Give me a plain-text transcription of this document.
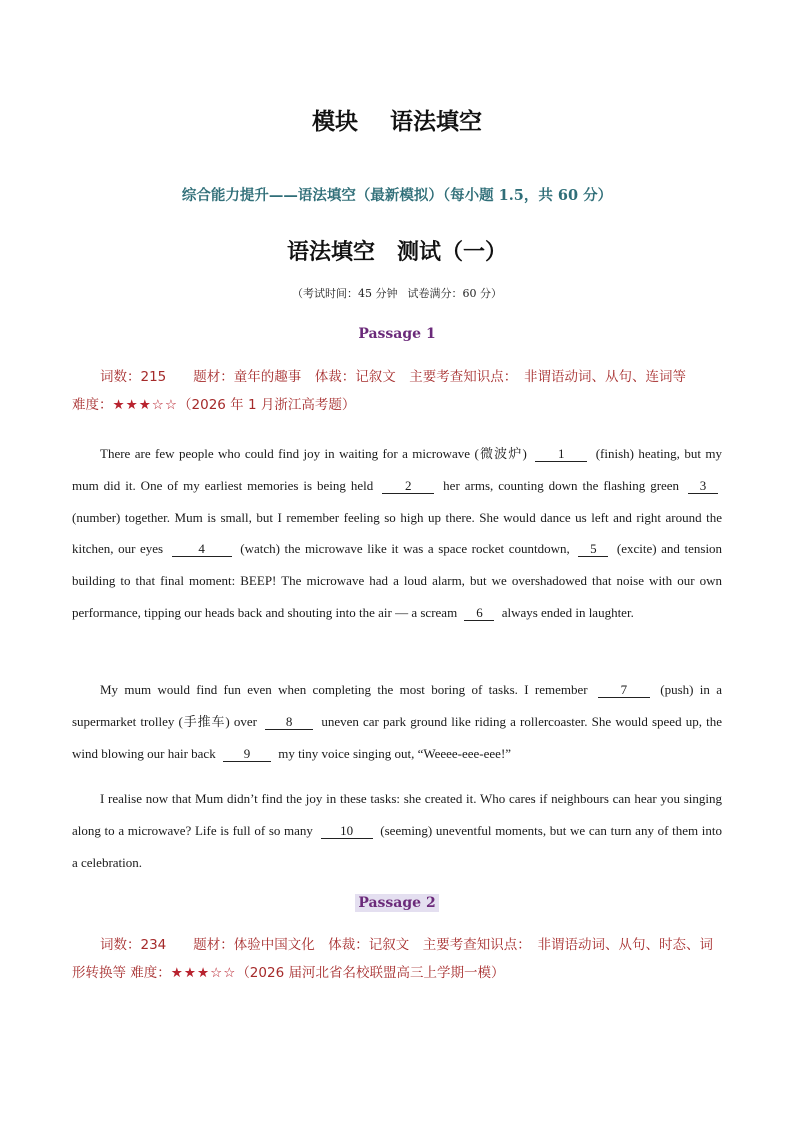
模块 语法填空
综合能力提升——语法填空（最新模拟）（每小题 1.5，共 60 分）
语法填空 测试（一）
（考试时间：45 分钟 试卷满分：60 分）
Passage 1
词数：215　　题材：童年的趣事　体裁：记叙文　主要考查知识点：　非谓语动词、从句、连词等
难度：★★★☆☆（2026 年 1 月浙江高考题）
There are few people who could find joy in waiting for a microwave (微波炉) 1 (finish) heating, but my mum did it. One of my earliest memories is being held 2 her arms, counting down the flashing green 3 (number) together. Mum is small, but I remember feeling so high up there. She would dance us left and right around the kitchen, our eyes	4	(watch) the microwave like it was a space rocket countdown, 5 (excite) and tension building to that final moment: BEEP! The microwave had a loud alarm, but we overshadowed that noise with our own performance, tipping our heads back and shouting into the air — a scream 6 always ended in laughter.
My mum would find fun even when completing the most boring of tasks. I remember	7	(push) in a supermarket trolley (手推车) over 8 uneven car park ground like riding a rollercoaster. She would speed up, the wind blowing our hair back 9 my tiny voice singing out, “Weeee-eee-eee!”
I realise now that Mum didn’t find the joy in these tasks: she created it. Who cares if neighbours can hear you singing along to a microwave? Life is full of so many 10 (seeming) uneventful moments, but we can turn any of them into a celebration.
Passage 2
词数：234　　题材：体验中国文化　体裁：记叙文　主要考查知识点：　非谓语动词、从句、时态、词形转换等 难度：★★★☆☆（2026 届河北省名校联盟高三上学期一模）
